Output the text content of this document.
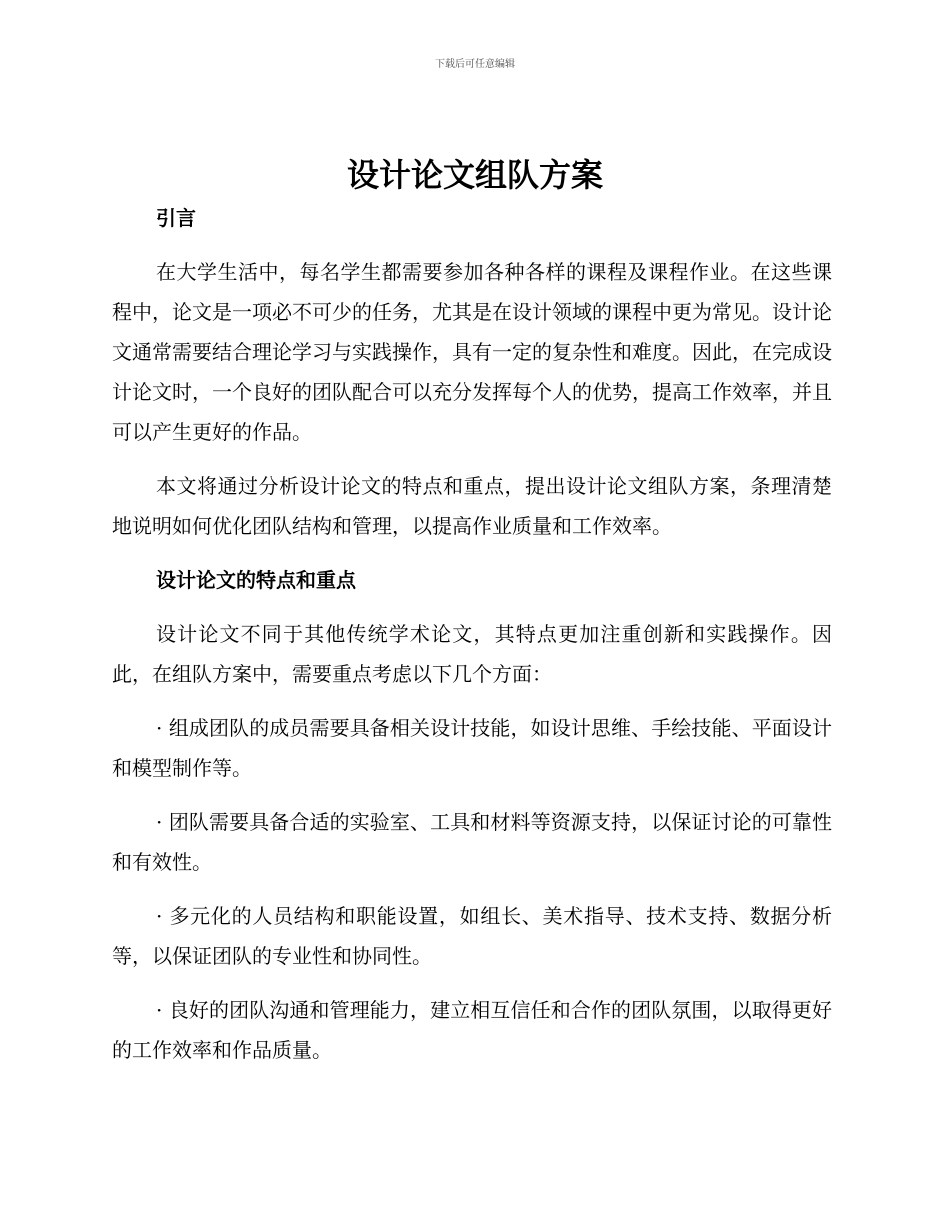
下载后可任意编辑
设计论文组队方案
引言

在大学生活中，每名学生都需要参加各种各样的课程及课程作业。在这些课程中，论文是一项必不可少的任务，尤其是在设计领域的课程中更为常见。设计论文通常需要结合理论学习与实践操作，具有一定的复杂性和难度。因此，在完成设计论文时，一个良好的团队配合可以充分发挥每个人的优势，提高工作效率，并且可以产生更好的作品。

本文将通过分析设计论文的特点和重点，提出设计论文组队方案，条理清楚地说明如何优化团队结构和管理，以提高作业质量和工作效率。

设计论文的特点和重点

设计论文不同于其他传统学术论文，其特点更加注重创新和实践操作。因此，在组队方案中，需要重点考虑以下几个方面：

· 组成团队的成员需要具备相关设计技能，如设计思维、手绘技能、平面设计和模型制作等。

· 团队需要具备合适的实验室、工具和材料等资源支持，以保证讨论的可靠性和有效性。

· 多元化的人员结构和职能设置，如组长、美术指导、技术支持、数据分析等，以保证团队的专业性和协同性。

· 良好的团队沟通和管理能力，建立相互信任和合作的团队氛围，以取得更好的工作效率和作品质量。
